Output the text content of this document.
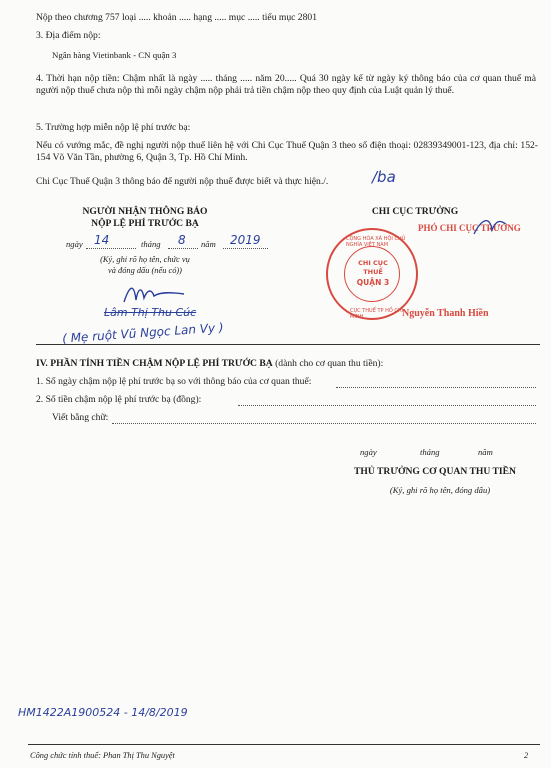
Nộp theo chương 757 loại ..... khoản ..... hạng ..... mục ..... tiểu mục 2801
3. Địa điểm nộp:
Ngân hàng Vietinbank - CN quận 3
4. Thời hạn nộp tiền: Chậm nhất là ngày ..... tháng ..... năm 20..... Quá 30 ngày kể từ ngày ký thông báo của cơ quan thuế mà người nộp thuế chưa nộp thì mỗi ngày chậm nộp phải trả tiền chậm nộp theo quy định của Luật quản lý thuế.
5. Trường hợp miễn nộp lệ phí trước bạ:
Nếu có vướng mắc, đề nghị người nộp thuế liên hệ với Chi Cục Thuế Quận 3 theo số điện thoại: 02839349001-123, địa chỉ: 152-154 Võ Văn Tần, phường 6, Quận 3, Tp. Hồ Chí Minh.
Chi Cục Thuế Quận 3 thông báo để người nộp thuế được biết và thực hiện./.	/ba
NGƯỜI NHẬN THÔNG BÁO
NỘP LỆ PHÍ TRƯỚC BẠ
ngày 14	tháng 8 năm 2019
(Ký, ghi rõ họ tên, chức vụ
và đóng dấu (nếu có))
Lâm Thị Thu Cúc
( Mẹ ruột Vũ Ngọc Lan Vy )
CHI CỤC TRƯỞNG
PHÓ CHI CỤC TRƯỞNG
CỘNG HÒA XÃ HỘI CHỦ NGHĨA VIỆT NAM
CỤC THUẾ TP HỒ CHÍ MINH
CHI CỤC
THUẾ
QUẬN 3
Nguyễn Thanh Hiền
IV. PHẦN TÍNH TIỀN CHẬM NỘP LỆ PHÍ TRƯỚC BẠ (dành cho cơ quan thu tiền):
1. Số ngày chậm nộp lệ phí trước bạ so với thông báo của cơ quan thuế:
2. Số tiền chậm nộp lệ phí trước bạ (đồng):
Viết bằng chữ:
ngày	tháng	năm
THỦ TRƯỞNG CƠ QUAN THU TIỀN
(Ký, ghi rõ họ tên, đóng dấu)
HM1422A1900524 - 14/8/2019
Công chức tính thuế: Phan Thị Thu Nguyệt	2
